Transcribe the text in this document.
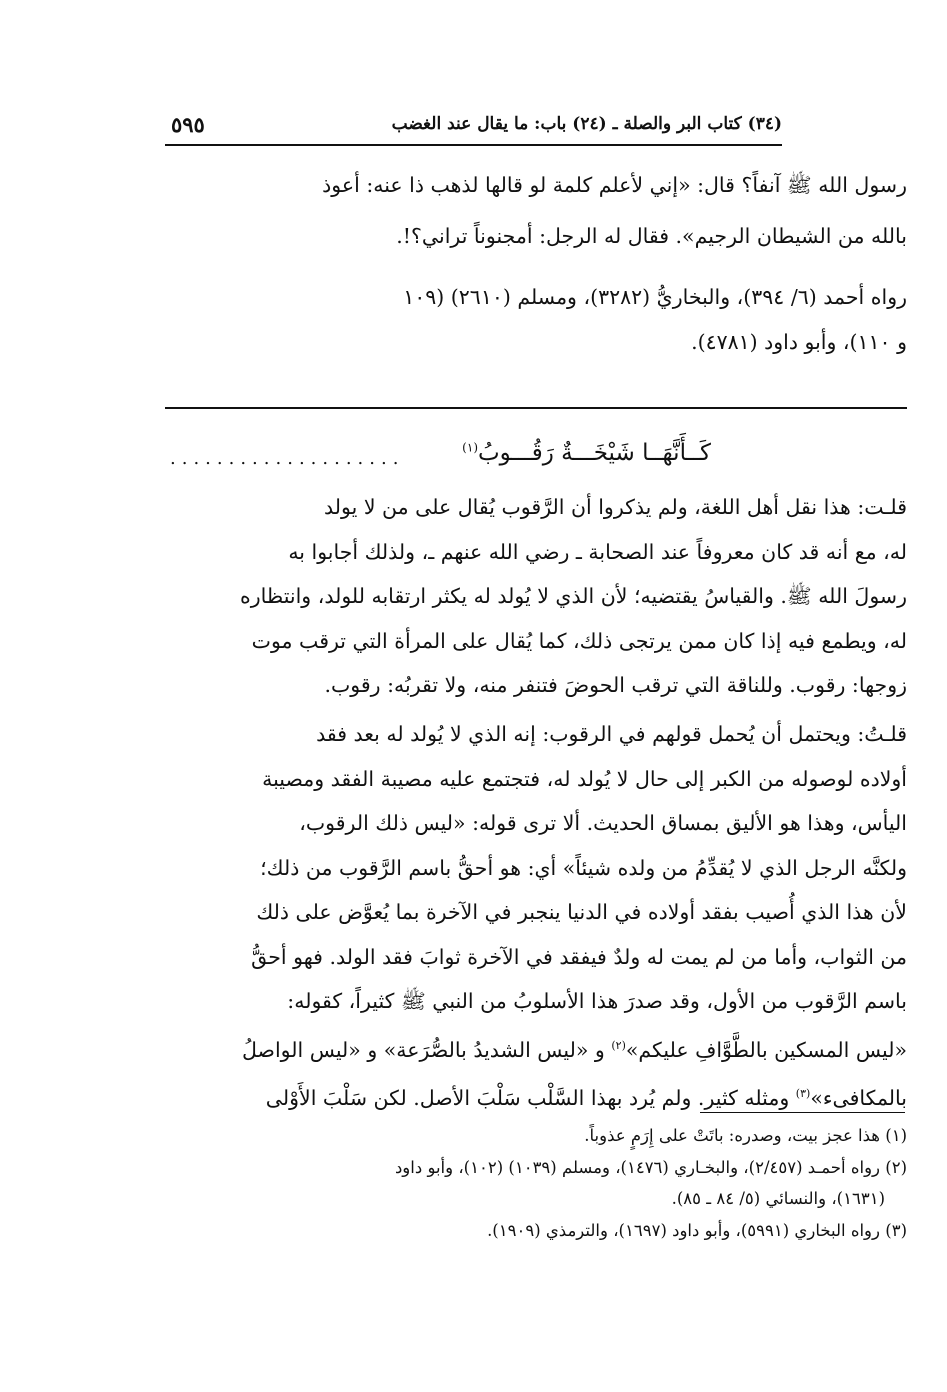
٥٩٥	(٣٤) كتاب البر والصلة ـ (٢٤) باب: ما يقال عند الغضب
رسول الله ﷺ آنفاً؟ قال: «إني لأعلم كلمة لو قالها لذهب ذا عنه: أعوذ
بالله من الشيطان الرجيم». فقال له الرجل: أمجنوناً تراني؟!.
رواه أحمد (٦/ ٣٩٤)، والبخاريُّ (٣٢٨٢)، ومسلم (٢٦١٠) (١٠٩
و ١١٠)، وأبو داود (٤٧٨١).
كَــأَنَّهَــا شَيْخَـــةٌ رَقُـــوبُ$^{(١)}$
....................
قلـت: هذا نقل أهل اللغة، ولم يذكروا أن الرَّقوب يُقال على من لا يولد
له، مع أنه قد كان معروفاً عند الصحابة ـ رضي الله عنهم ـ، ولذلك أجابوا به
رسولَ الله ﷺ. والقياسُ يقتضيه؛ لأن الذي لا يُولد له يكثر ارتقابه للولد، وانتظاره
له، ويطمع فيه إذا كان ممن يرتجى ذلك، كما يُقال على المرأة التي ترقب موت
زوجها: رقوب. وللناقة التي ترقب الحوضَ فتنفر منه، ولا تقربُه: رقوب.
قلـتُ: ويحتمل أن يُحمل قولهم في الرقوب: إنه الذي لا يُولد له بعد فقد
أولاده لوصوله من الكبر إلى حال لا يُولد له، فتجتمع عليه مصيبة الفقد ومصيبة
اليأس، وهذا هو الأليق بمساق الحديث. ألا ترى قوله: «ليس ذلك الرقوب،
ولكنَّه الرجل الذي لا يُقدِّمُ من ولده شيئاً» أي: هو أحقُّ باسم الرَّقوب من ذلك؛
لأن هذا الذي أُصيب بفقد أولاده في الدنيا ينجبر في الآخرة بما يُعوَّض على ذلك
من الثواب، وأما من لم يمت له ولدٌ فيفقد في الآخرة ثوابَ فقد الولد. فهو أحقُّ
باسم الرَّقوب من الأول، وقد صدرَ هذا الأسلوبُ من النبي ﷺ كثيراً، كقوله:
«ليس المسكين بالطَّوَّافِ عليكم»$^{(٢)}$ و «ليس الشديدُ بالصُّرَعة» و «ليس الواصلُ
بالمكافىء»$^{(٣)}$ ومثله كثير. ولم يُرد بهذا السَّلْب سَلْبَ الأصل. لكن سَلْبَ الأَوْلى
(١) هذا عجز بيت، وصدره: باتَتْ على إِرَمٍ عذوباً.
(٢) رواه أحمـد (٢/٤٥٧)، والبخـاري (١٤٧٦)، ومسلم (١٠٣٩) (١٠٢)، وأبو داود
(١٦٣١)، والنسائي (٥/ ٨٤ ـ ٨٥).
(٣) رواه البخاري (٥٩٩١)، وأبو داود (١٦٩٧)، والترمذي (١٩٠٩).
